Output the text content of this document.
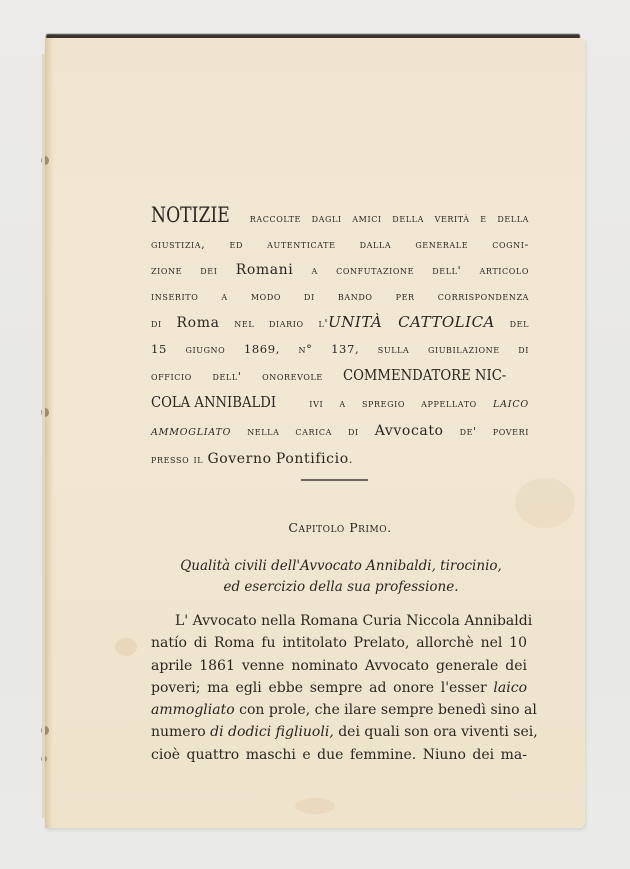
NOTIZIE raccolte dagli amici della verità e della
giustizia, ed autenticate dalla generale cogni-
zione dei Romani a confutazione dell' articolo
inserito a modo di bando per corrispondenza
di Roma nel diario l'UNITÀ CATTOLICA del
15 giugno 1869, n° 137, sulla giubilazione di
officio dell' onorevole COMMENDATORE NIC-
COLA ANNIBALDI ivi a spregio appellato LAICO
AMMOGLIATO nella carica di Avvocato de' poveri
presso il Governo Pontificio.
Capitolo Primo.
Qualità civili dell'Avvocato Annibaldi, tirocinio,
ed esercizio della sua professione.
L' Avvocato nella Romana Curia Niccola Annibaldi
natío di Roma fu intitolato Prelato, allorchè nel 10
aprile 1861 venne nominato Avvocato generale dei
poveri; ma egli ebbe sempre ad onore l'esser laico
ammogliato con prole, che ilare sempre benedì sino al
numero di dodici figliuoli, dei quali son ora viventi sei,
cioè quattro maschi e due femmine. Niuno dei ma-
